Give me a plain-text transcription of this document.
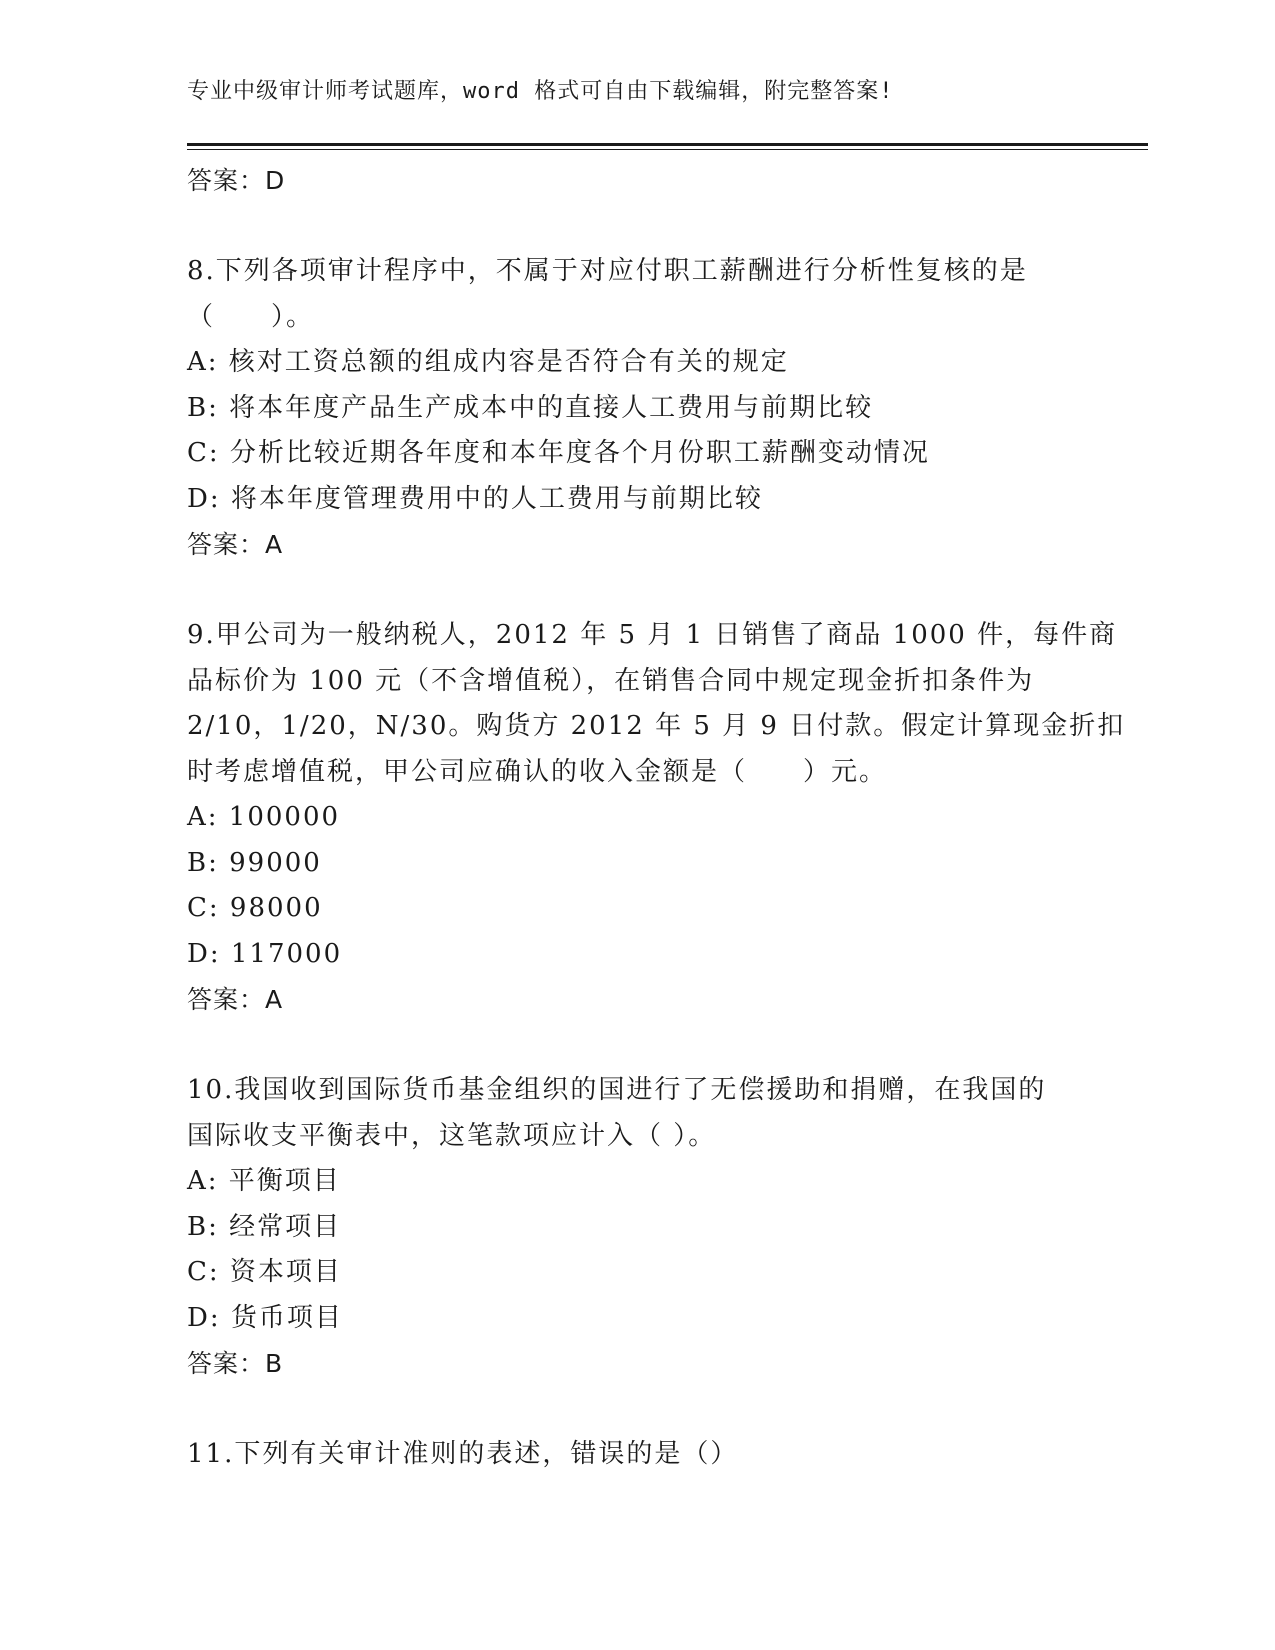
专业中级审计师考试题库，word 格式可自由下载编辑，附完整答案!
答案：D
8.下列各项审计程序中，不属于对应付职工薪酬进行分析性复核的是
（　　）。
A: 核对工资总额的组成内容是否符合有关的规定
B: 将本年度产品生产成本中的直接人工费用与前期比较
C: 分析比较近期各年度和本年度各个月份职工薪酬变动情况
D: 将本年度管理费用中的人工费用与前期比较
答案：A
9.甲公司为一般纳税人，2012 年 5 月 1 日销售了商品 1000 件，每件商
品标价为 100 元（不含增值税），在销售合同中规定现金折扣条件为
2/10，1/20，N/30。购货方 2012 年 5 月 9 日付款。假定计算现金折扣
时考虑增值税，甲公司应确认的收入金额是（　　）元。
A: 100000
B: 99000
C: 98000
D: 117000
答案：A
10.我国收到国际货币基金组织的国进行了无偿援助和捐赠，在我国的
国际收支平衡表中，这笔款项应计入（ ）。
A: 平衡项目
B: 经常项目
C: 资本项目
D: 货币项目
答案：B
11.下列有关审计准则的表述，错误的是（）
